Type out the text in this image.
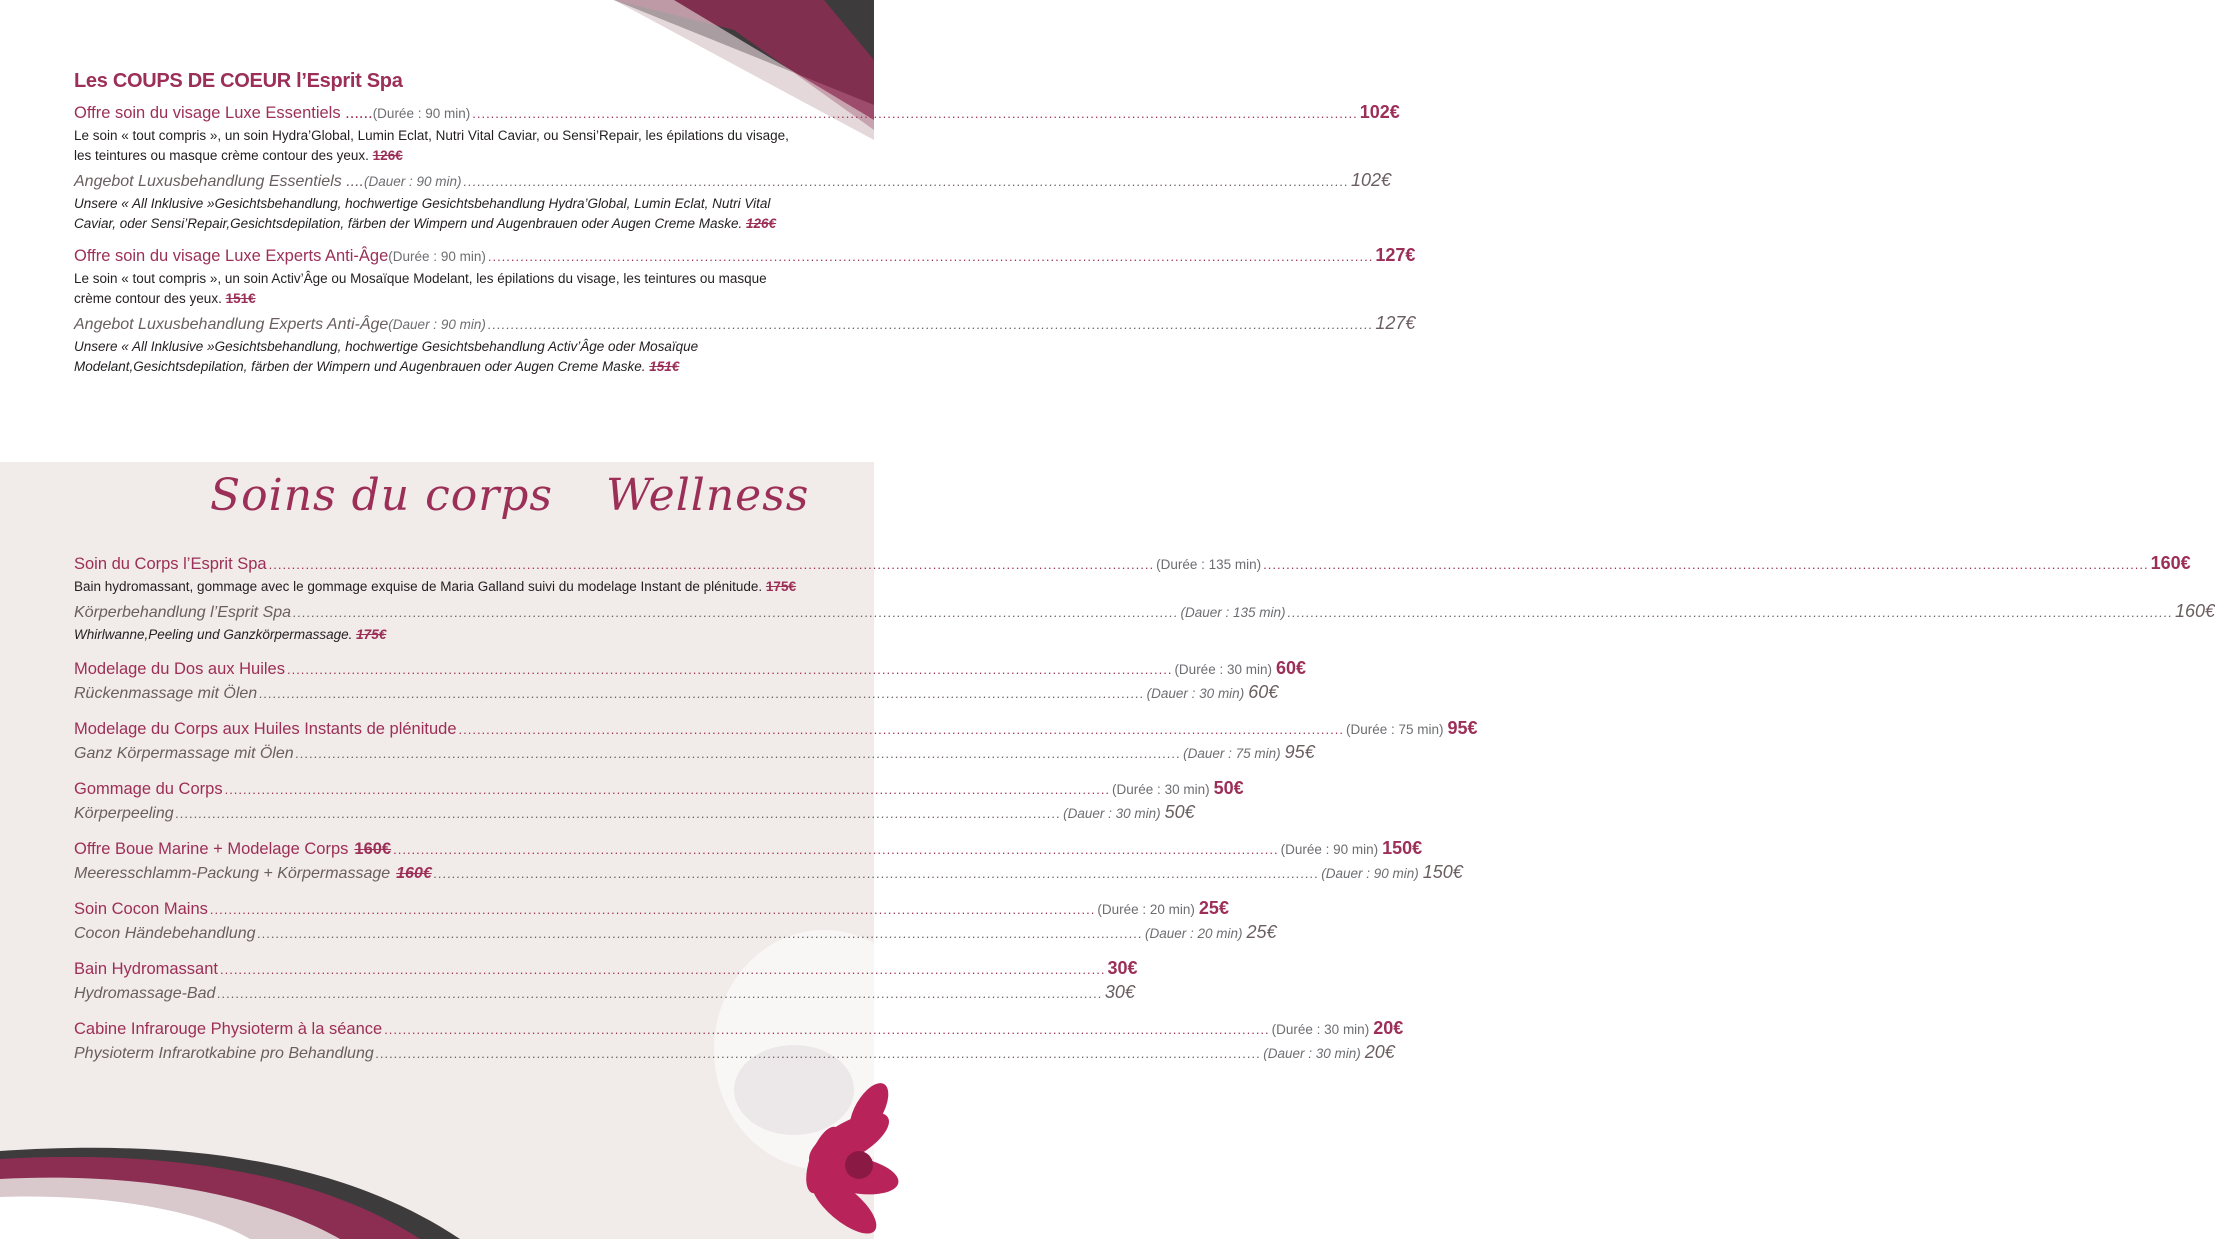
Les COUPS DE COEUR l’Esprit Spa
Offre soin du visage Luxe Essentiels ...... (Durée : 90 min) .....	102€
Le soin « tout compris », un soin Hydra’Global, Lumin Eclat, Nutri Vital Caviar, ou Sensi’Repair, les épilations du visage, les teintures ou masque crème contour des yeux. 126€
Angebot Luxusbehandlung Essentiels .... (Dauer : 90 min) .....	102€
Unsere « All Inklusive »Gesichtsbehandlung, hochwertige Gesichtsbehandlung Hydra’Global, Lumin Eclat, Nutri Vital Caviar, oder Sensi’Repair,Gesichtsdepilation, färben der Wimpern und Augenbrauen oder Augen Creme Maske. 126€
Offre soin du visage Luxe Experts Anti-Âge (Durée : 90 min) .....	127€
Le soin « tout compris », un soin Activ’Âge ou Mosaïque Modelant, les épilations du visage, les teintures ou masque crème contour des yeux. 151€
Angebot Luxusbehandlung Experts Anti-Âge (Dauer : 90 min) .....	127€
Unsere « All Inklusive »Gesichtsbehandlung, hochwertige Gesichtsbehandlung Activ’Âge oder Mosaïque Modelant,Gesichtsdepilation, färben der Wimpern und Augenbrauen oder Augen Creme Maske. 151€
Soins du corps Wellness
Soin du Corps l’Esprit Spa .....	(Durée : 135 min) .....	160€
Bain hydromassant, gommage avec le gommage exquise de Maria Galland suivi du modelage Instant de plénitude. 175€
Körperbehandlung l’Esprit Spa .....	(Dauer : 135 min) .....	160€
Whirlwanne,Peeling und Ganzkörpermassage. 175€
Modelage du Dos aux Huiles .....	(Durée : 30 min) 60€
Rückenmassage mit Ölen .....	(Dauer : 30 min) 60€
Modelage du Corps aux Huiles Instants de plénitude .....	(Durée : 75 min) 95€
Ganz Körpermassage mit Ölen .....	(Dauer : 75 min) 95€
Gommage du Corps .....	(Durée : 30 min) 50€
Körperpeeling .....	(Dauer : 30 min) 50€
Offre Boue Marine + Modelage Corps 160€ .....	(Durée : 90 min) 150€
Meeresschlamm-Packung + Körpermassage 160€ .....	(Dauer : 90 min) 150€
Soin Cocon Mains .....	(Durée : 20 min) 25€
Cocon Händebehandlung .....	(Dauer : 20 min) 25€
Bain Hydromassant .....	30€
Hydromassage-Bad .....	30€
Cabine Infrarouge Physioterm à la séance .....	(Durée : 30 min) 20€
Physioterm Infrarotkabine pro Behandlung .....	(Dauer : 30 min) 20€
